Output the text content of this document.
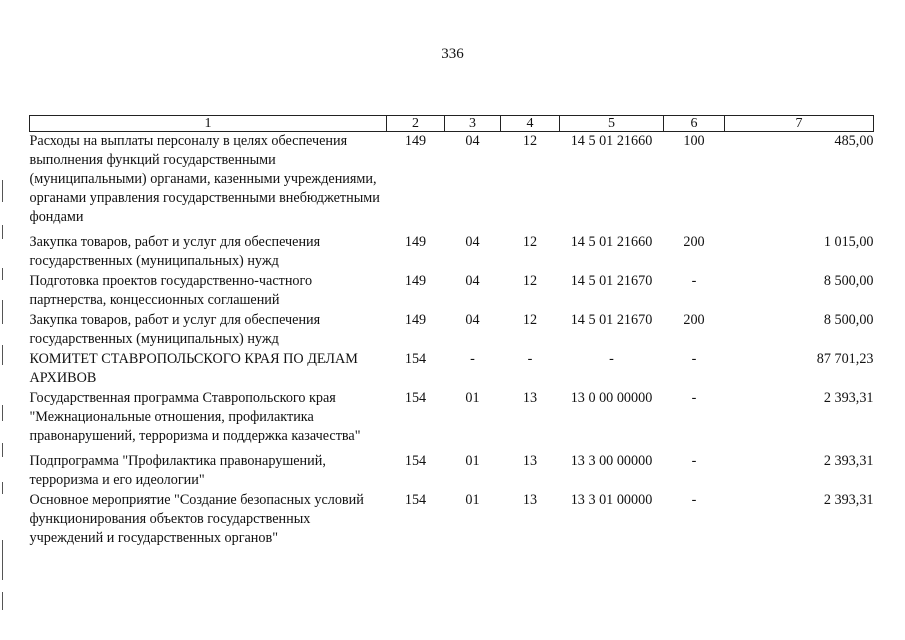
336
1	2	3	4	5	6	7
Расходы на выплаты персоналу в целях обеспечения выполнения функций государственными (муниципальными) органами, казенными учреждениями, органами управления государственными внебюджетными фондами	149	04	12	14 5 01 21660	100	485,00
Закупка товаров, работ и услуг для обеспечения государственных (муниципальных) нужд	149	04	12	14 5 01 21660	200	1 015,00
Подготовка проектов государственно-частного партнерства, концессионных соглашений	149	04	12	14 5 01 21670	-	8 500,00
Закупка товаров, работ и услуг для обеспечения государственных (муниципальных) нужд	149	04	12	14 5 01 21670	200	8 500,00
КОМИТЕТ СТАВРОПОЛЬСКОГО КРАЯ ПО ДЕЛАМ АРХИВОВ	154	-	-	-	-	87 701,23
Государственная программа Ставропольского края "Межнациональные отношения, профилактика правонарушений, терроризма и поддержка казачества"	154	01	13	13 0 00 00000	-	2 393,31
Подпрограмма "Профилактика правонарушений, терроризма и его идеологии"	154	01	13	13 3 00 00000	-	2 393,31
Основное мероприятие "Создание безопасных условий функционирования объектов государственных учреждений и государственных органов"	154	01	13	13 3 01 00000	-	2 393,31
